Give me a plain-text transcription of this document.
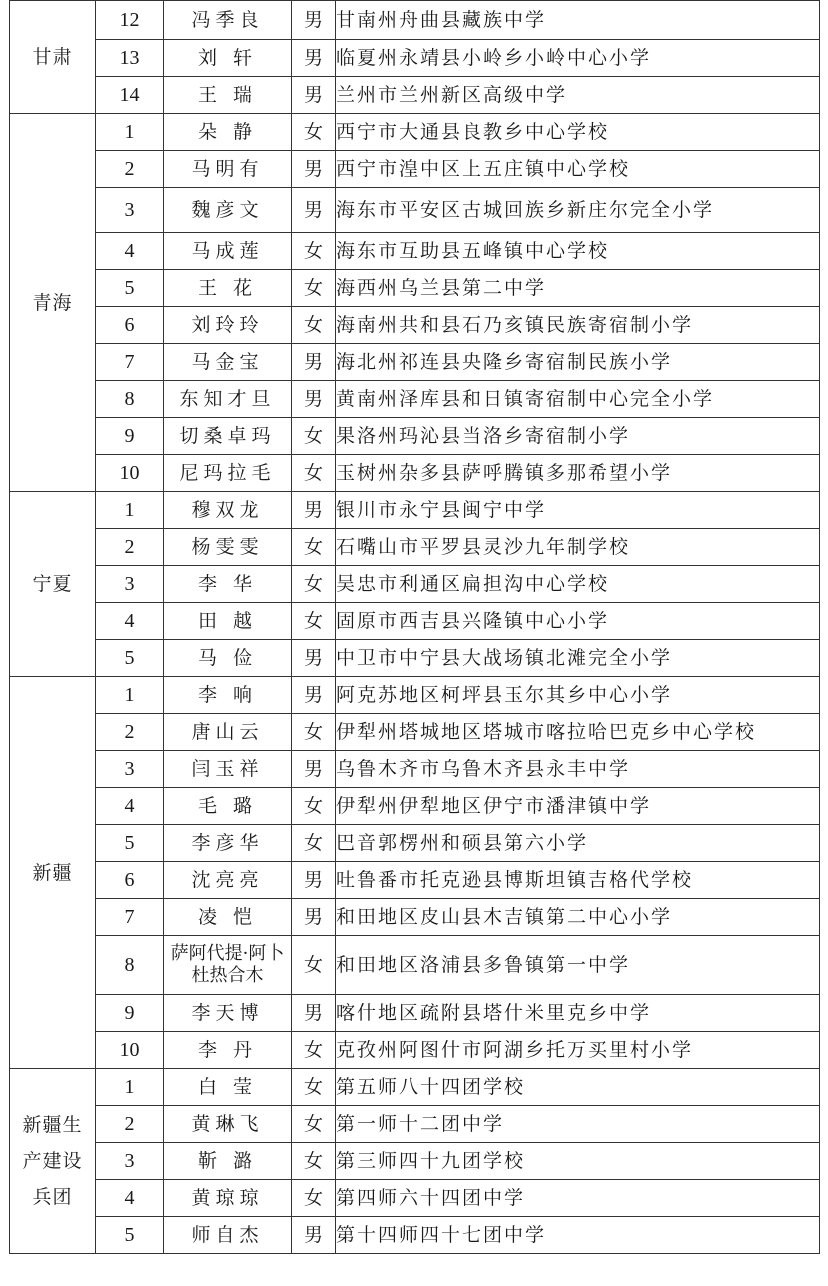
甘肃	12	冯季良	男	甘南州舟曲县藏族中学
	13	刘 轩	男	临夏州永靖县小岭乡小岭中心小学
	14	王 瑞	男	兰州市兰州新区高级中学
青海	1	朵 静	女	西宁市大通县良教乡中心学校
	2	马明有	男	西宁市湟中区上五庄镇中心学校
	3	魏彦文	男	海东市平安区古城回族乡新庄尔完全小学
	4	马成莲	女	海东市互助县五峰镇中心学校
	5	王 花	女	海西州乌兰县第二中学
	6	刘玲玲	女	海南州共和县石乃亥镇民族寄宿制小学
	7	马金宝	男	海北州祁连县央隆乡寄宿制民族小学
	8	东知才旦	男	黄南州泽库县和日镇寄宿制中心完全小学
	9	切桑卓玛	女	果洛州玛沁县当洛乡寄宿制小学
	10	尼玛拉毛	女	玉树州杂多县萨呼腾镇多那希望小学
宁夏	1	穆双龙	男	银川市永宁县闽宁中学
	2	杨雯雯	女	石嘴山市平罗县灵沙九年制学校
	3	李 华	女	吴忠市利通区扁担沟中心学校
	4	田 越	女	固原市西吉县兴隆镇中心小学
	5	马 俭	男	中卫市中宁县大战场镇北滩完全小学
新疆	1	李 响	男	阿克苏地区柯坪县玉尔其乡中心小学
	2	唐山云	女	伊犁州塔城地区塔城市喀拉哈巴克乡中心学校
	3	闫玉祥	男	乌鲁木齐市乌鲁木齐县永丰中学
	4	毛 璐	女	伊犁州伊犁地区伊宁市潘津镇中学
	5	李彦华	女	巴音郭楞州和硕县第六小学
	6	沈亮亮	男	吐鲁番市托克逊县博斯坦镇吉格代学校
	7	凌 恺	男	和田地区皮山县木吉镇第二中心小学
	8	萨阿代提·阿卜杜热合木	女	和田地区洛浦县多鲁镇第一中学
	9	李天博	男	喀什地区疏附县塔什米里克乡中学
	10	李 丹	女	克孜州阿图什市阿湖乡托万买里村小学
新疆生产建设兵团	1	白 莹	女	第五师八十四团学校
	2	黄琳飞	女	第一师十二团中学
	3	靳 潞	女	第三师四十九团学校
	4	黄琼琼	女	第四师六十四团中学
	5	师自杰	男	第十四师四十七团中学
